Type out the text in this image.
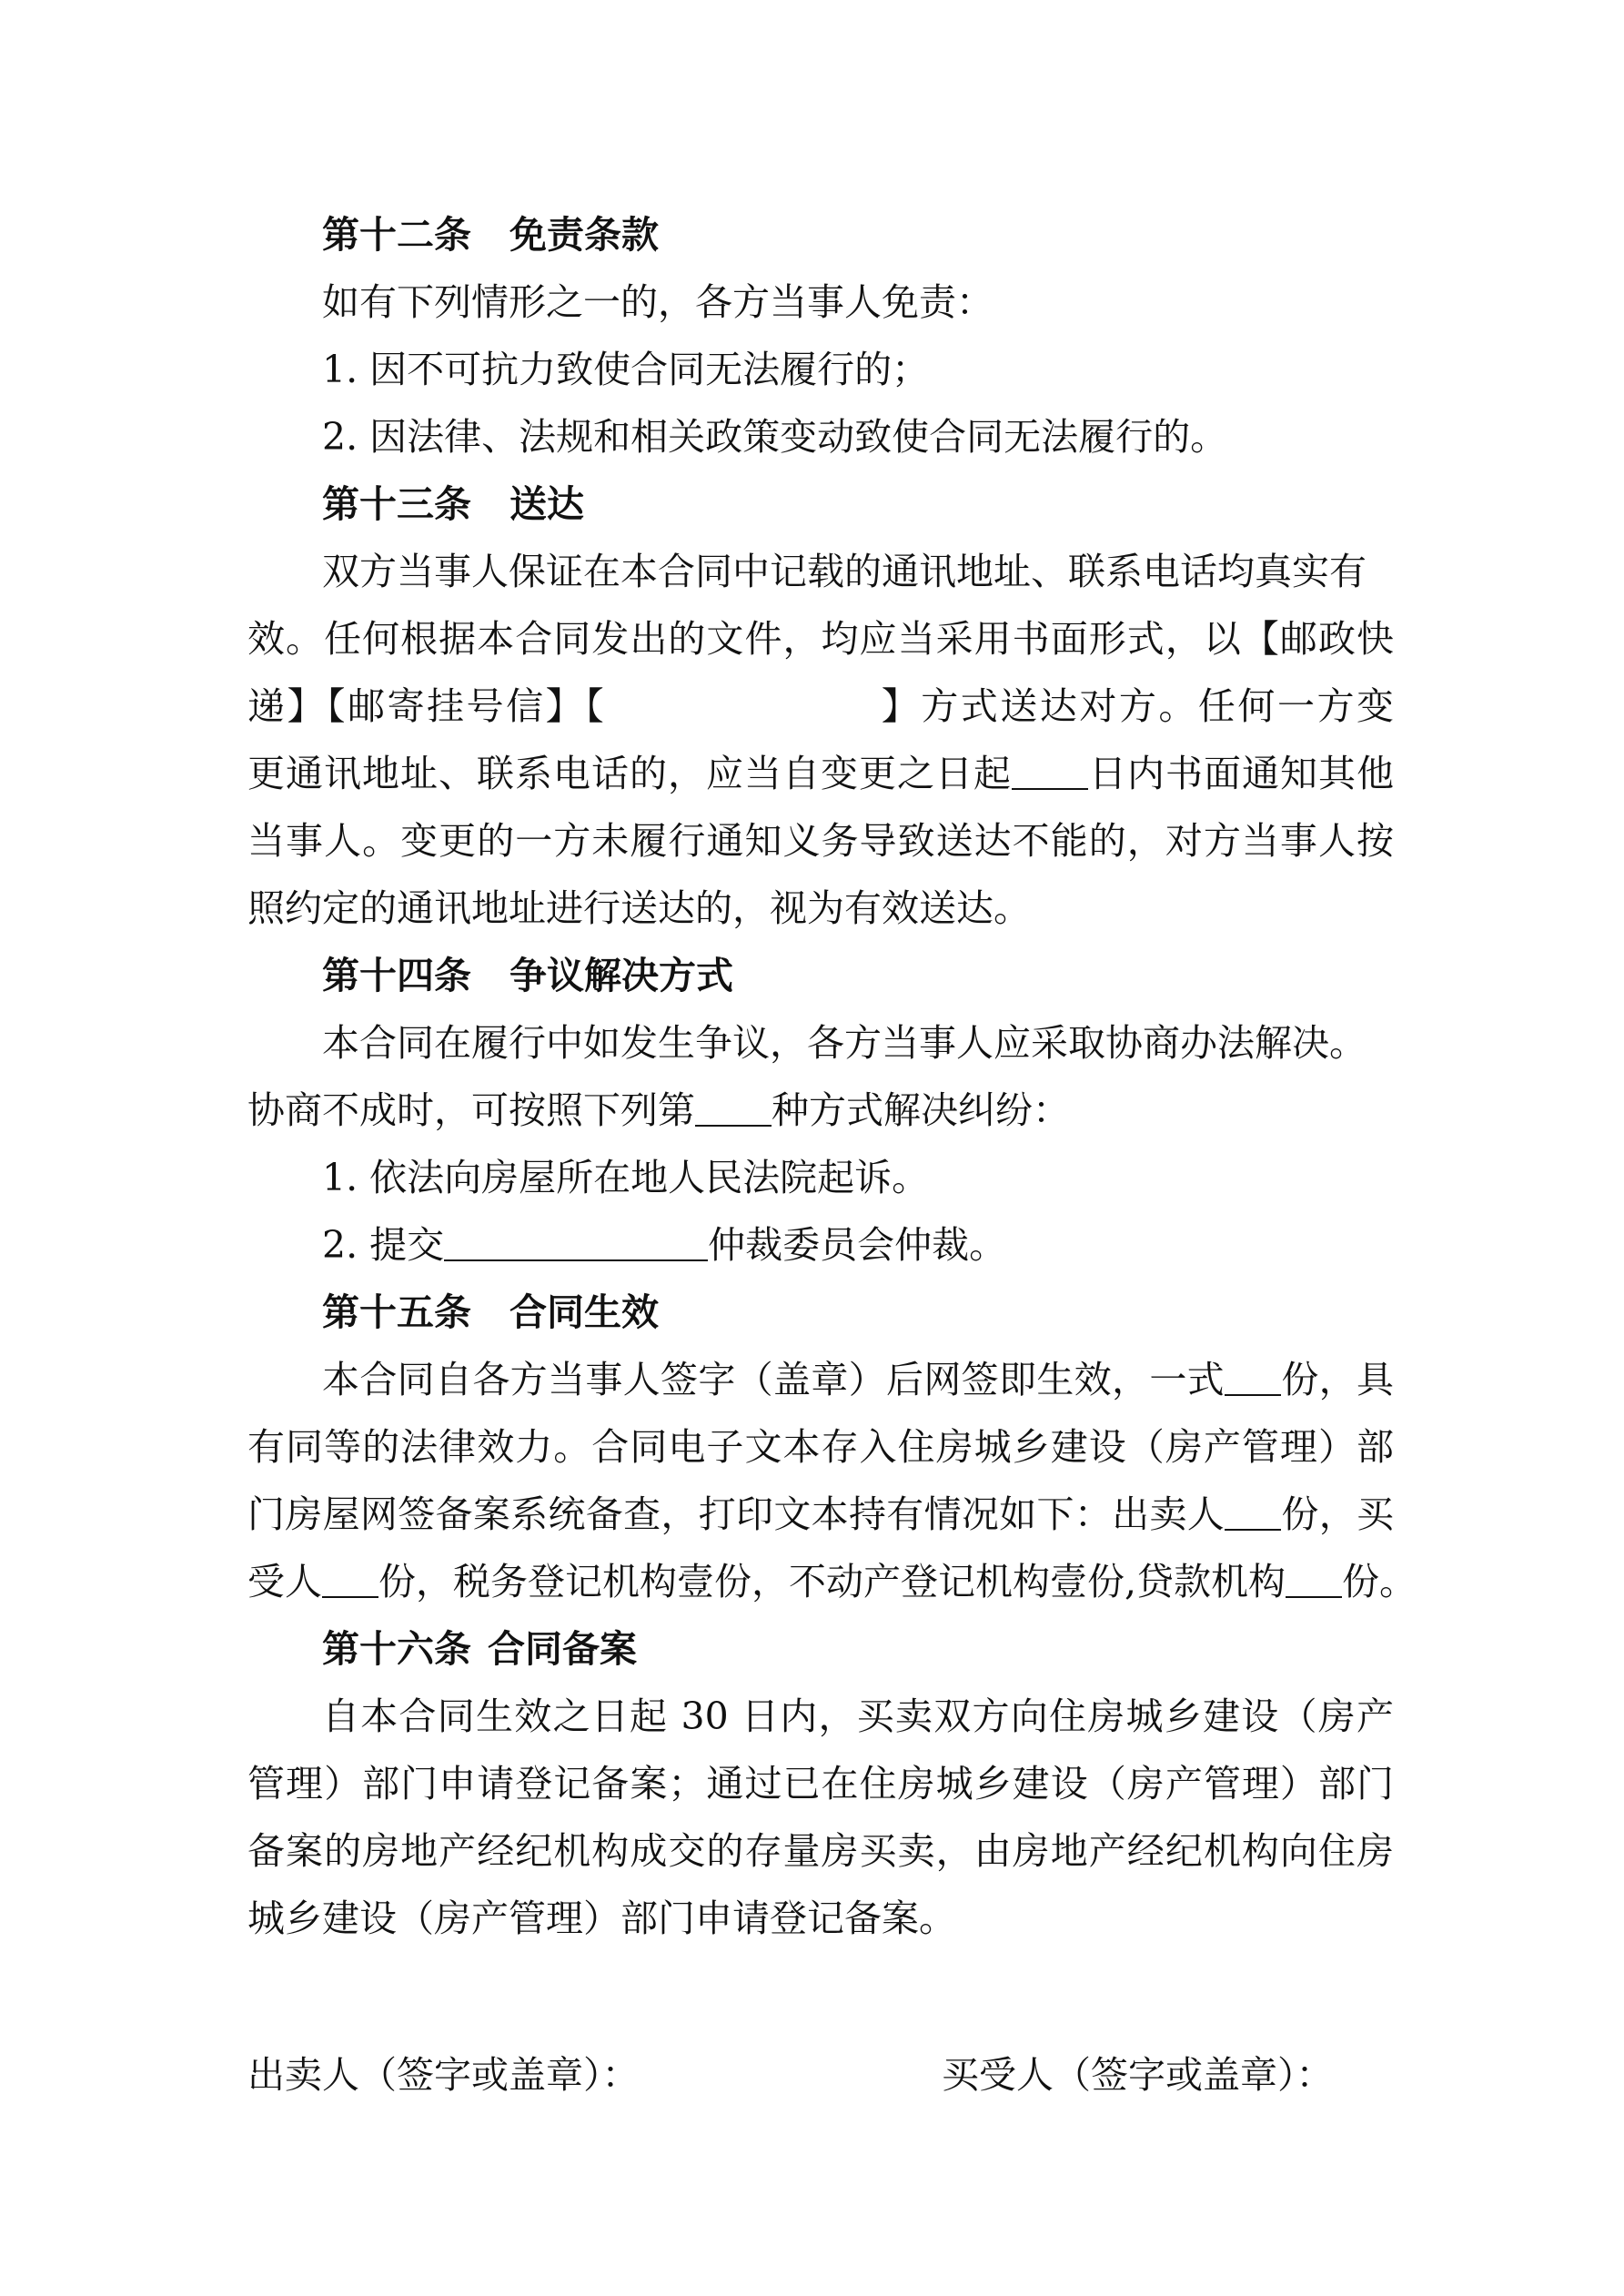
第十二条 免责条款
如有下列情形之一的，各方当事人免责：
1. 因不可抗力致使合同无法履行的；
2. 因法律、法规和相关政策变动致使合同无法履行的。
第十三条 送达
双方当事人保证在本合同中记载的通讯地址、联系电话均真实有
效。任何根据本合同发出的文件，均应当采用书面形式，以【邮政快
递】【邮寄挂号信】【	】方式送达对方。任何一方变
更通讯地址、联系电话的，应当自变更之日起 日内书面通知其他
当事人。变更的一方未履行通知义务导致送达不能的，对方当事人按
照约定的通讯地址进行送达的，视为有效送达。
第十四条 争议解决方式
本合同在履行中如发生争议，各方当事人应采取协商办法解决。
协商不成时，可按照下列第 种方式解决纠纷：
1. 依法向房屋所在地人民法院起诉。
2. 提交	仲裁委员会仲裁。
第十五条 合同生效
本合同自各方当事人签字（盖章）后网签即生效，一式 份，具
有同等的法律效力。合同电子文本存入住房城乡建设（房产管理）部
门房屋网签备案系统备查，打印文本持有情况如下：出卖人 份，买
受人 份，税务登记机构壹份，不动产登记机构壹份,贷款机构 份。
第十六条 合同备案
自本合同生效之日起 30 日内，买卖双方向住房城乡建设（房产
管理）部门申请登记备案；通过已在住房城乡建设（房产管理）部门
备案的房地产经纪机构成交的存量房买卖，由房地产经纪机构向住房
城乡建设（房产管理）部门申请登记备案。
出卖人（签字或盖章）：	买受人（签字或盖章）：
